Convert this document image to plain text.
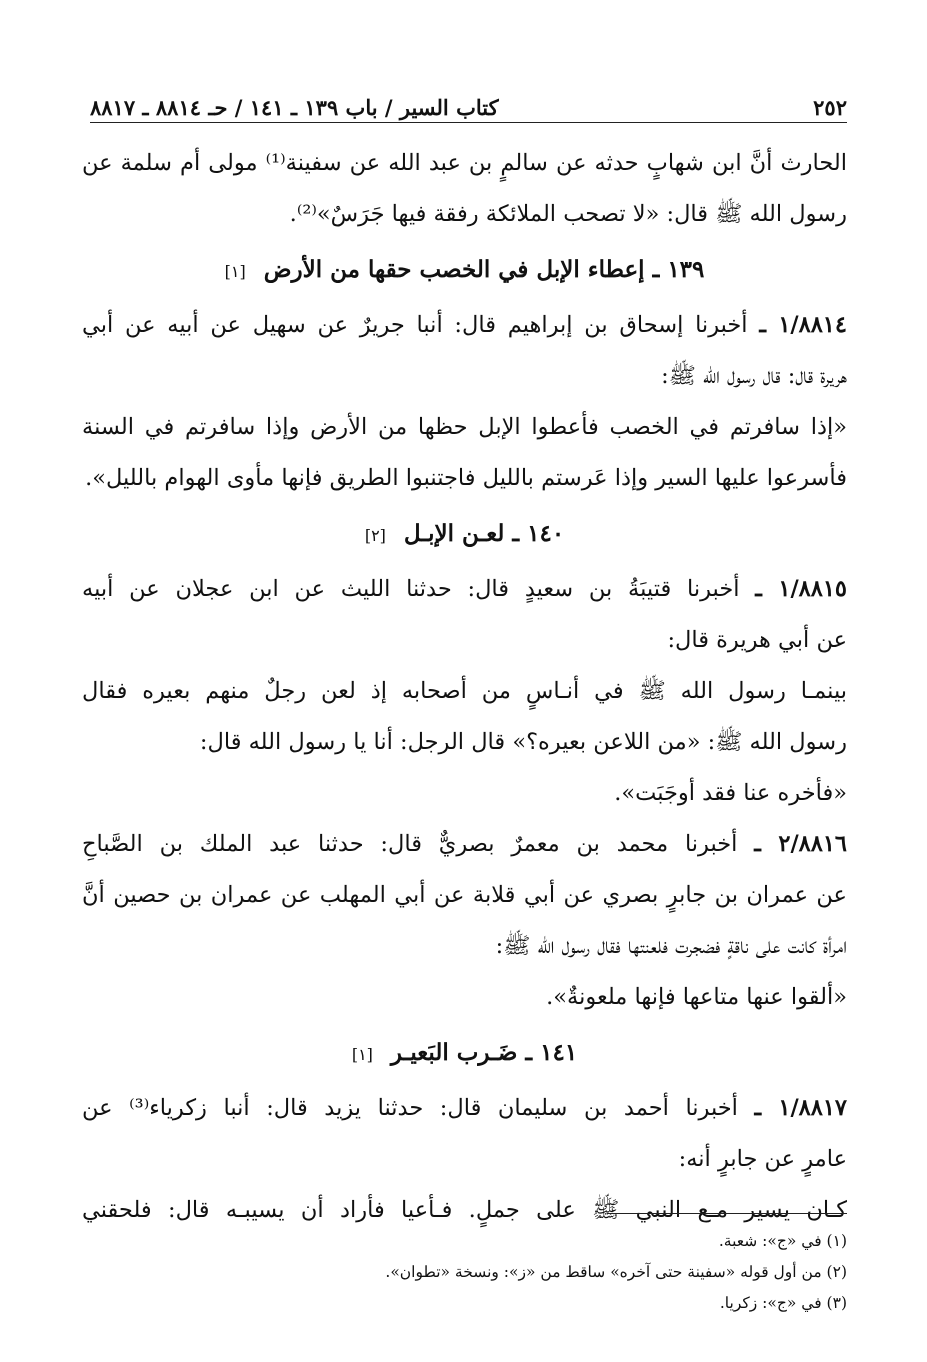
٢٥٢
كتاب السير / باب ١٣٩ ـ ١٤١ / حـ ٨٨١٤ ـ ٨٨١٧
الحارث أنَّ ابن شهابٍ حدثه عن سالمٍ بن عبد الله عن سفينة⁽¹⁾ مولى أم سلمة عن
رسول الله ﷺ قال: «لا تصحب الملائكة رفقة فيها جَرَسٌ»⁽²⁾.
١٣٩ ـ إعطاء الإبل في الخصب حقها من الأرض [١]
١/٨٨١٤ ـ أخبرنا إسحاق بن إبراهيم قال: أنبا جريرٌ عن سهيل عن أبيه عن أبي
هريرة قال: قال رسول الله ﷺ:
«إذا سافرتم في الخصب فأعطوا الإبل حظها من الأرض وإذا سافرتم في السنة
فأسرعوا عليها السير وإذا عَرستم بالليل فاجتنبوا الطريق فإنها مأوى الهوام بالليل».
١٤٠ ـ لعـن الإبـل [٢]
١/٨٨١٥ ـ أخبرنا قتيبَةُ بن سعيدٍ قال: حدثنا الليث عن ابن عجلان عن أبيه
عن أبي هريرة قال:
بينمـا رسول الله ﷺ في أنـاسٍ من أصحابه إذ لعن رجلٌ منهم بعيره فقال
رسول الله ﷺ: «من اللاعن بعيره؟» قال الرجل: أنا يا رسول الله قال:
«فأخره عنا فقد أوجَبَت».
٢/٨٨١٦ ـ أخبرنا محمد بن معمرٌ بصريٌّ قال: حدثنا عبد الملك بن الصَّباحِ
عن عمران بن جابرٍ بصري عن أبي قلابة عن أبي المهلب عن عمران بن حصين أنَّ
امرأة كانت على ناقةٍ فضجرت فلعنتها فقال رسول الله ﷺ:
«ألقوا عنها متاعها فإنها ملعونةٌ».
١٤١ ـ ضَـرب البَعيـر [١]
١/٨٨١٧ ـ أخبرنا أحمد بن سليمان قال: حدثنا يزيد قال: أنبا زكرياء⁽³⁾ عن
عامرٍ عن جابرٍ أنه:
كـان يسير مـع النبي ﷺ على جملٍ. فـأعيا فأراد أن يسيبـه قال: فلحقني
(١) في «ج»: شعبة.
(٢) من أول قوله «سفينة حتى آخره» ساقط من «ز»: ونسخة «تطوان».
(٣) في «ج»: زكريا.
